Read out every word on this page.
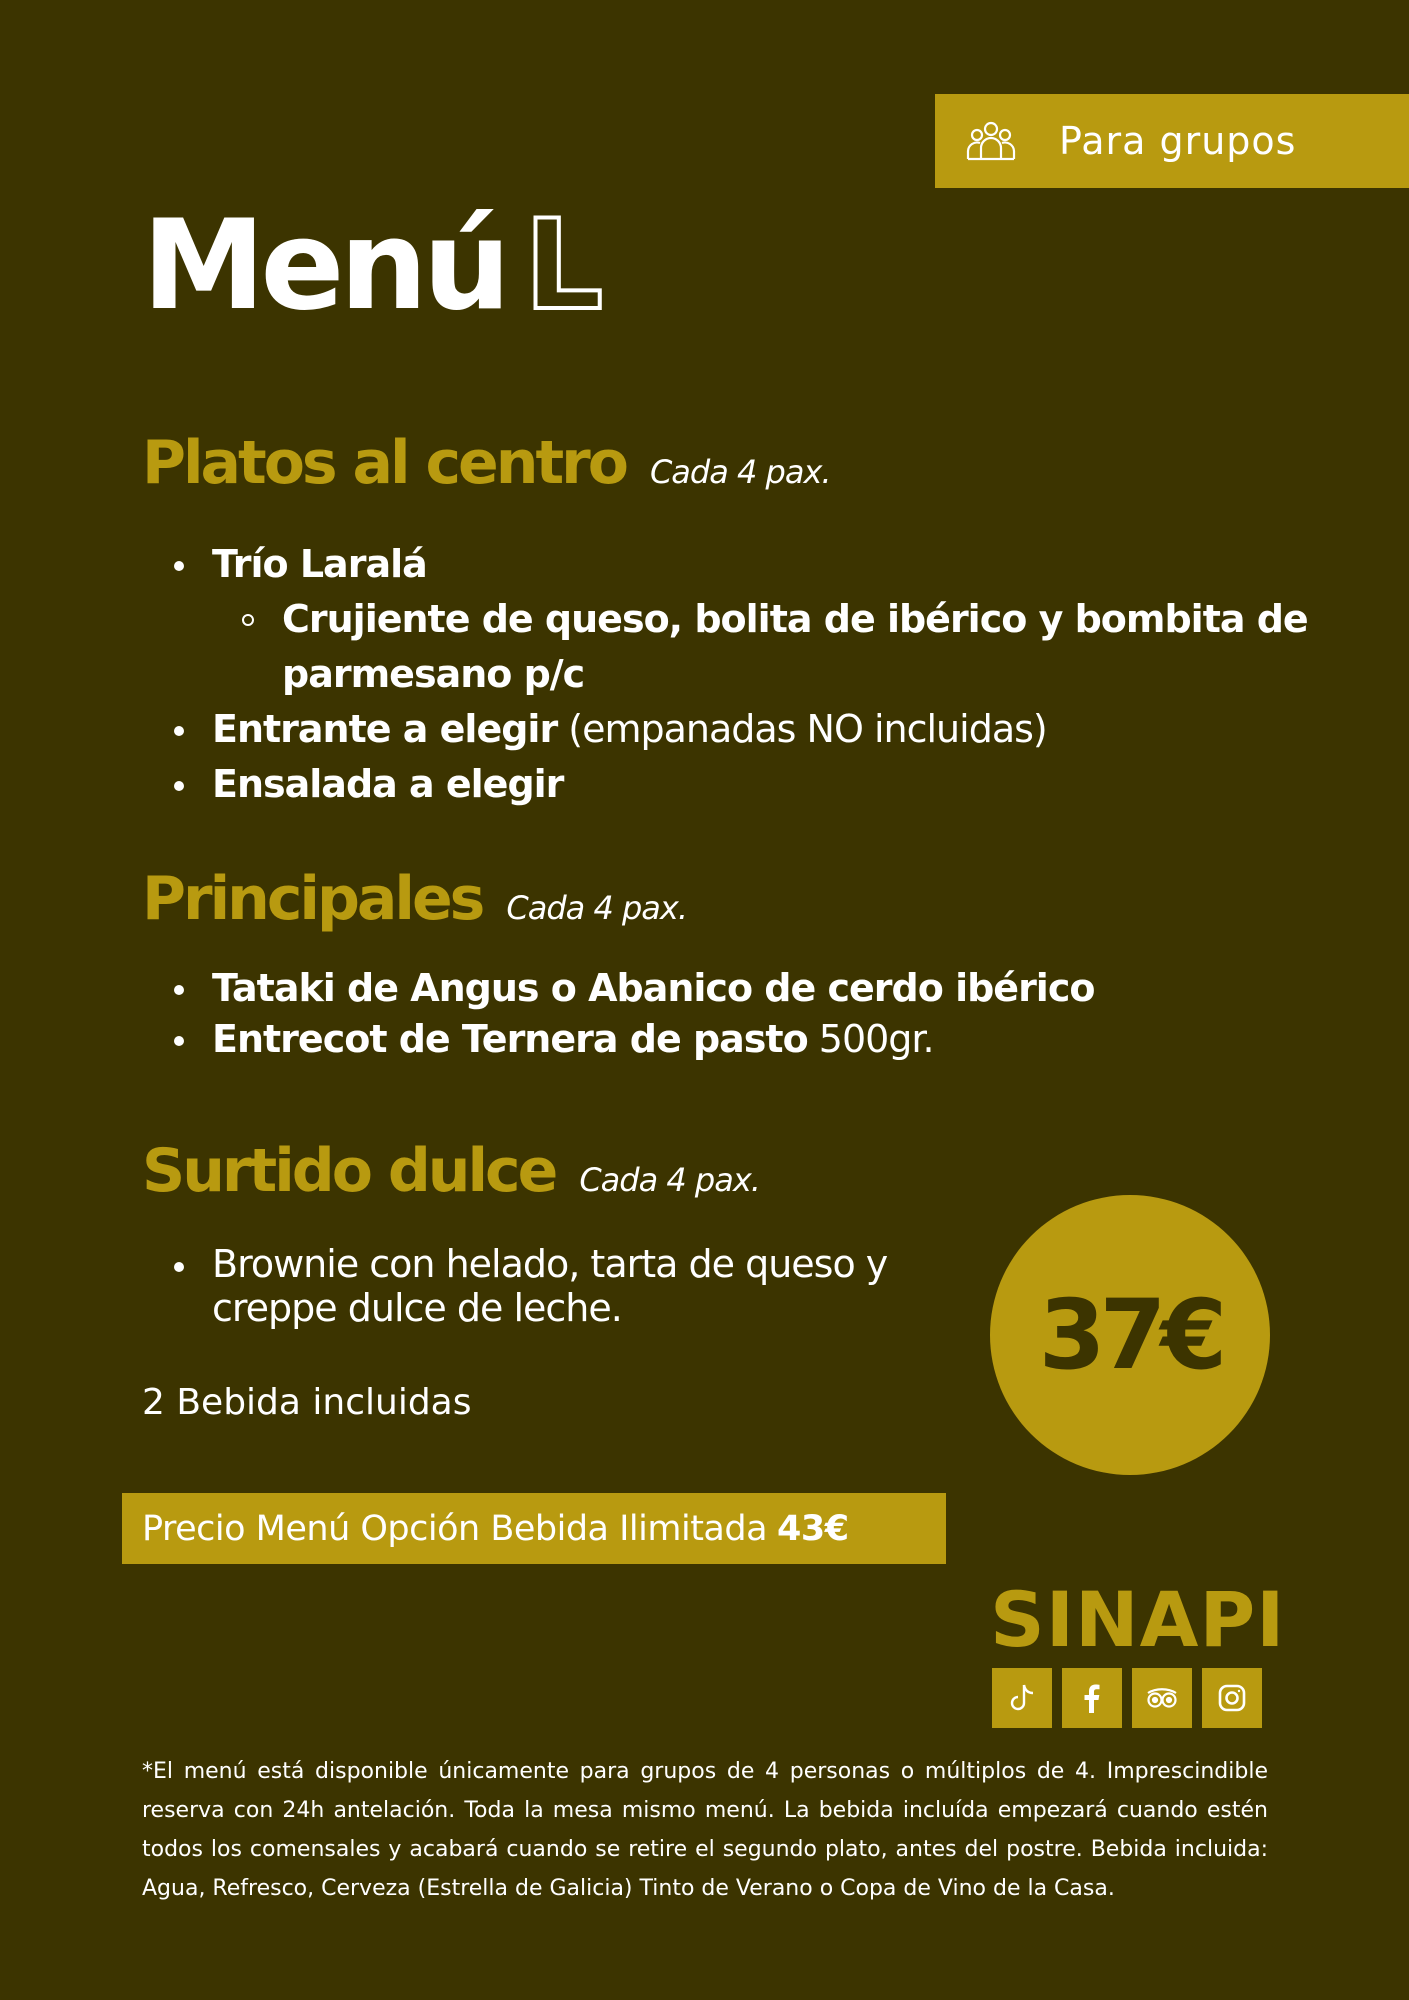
Para grupos
Menú L
Platos al centro Cada 4 pax.
Trío Laralá
Crujiente de queso, bolita de ibérico y bombita de parmesano p/c
Entrante a elegir (empanadas NO incluidas)
Ensalada a elegir
Principales Cada 4 pax.
Tataki de Angus o Abanico de cerdo ibérico
Entrecot de Ternera de pasto 500gr.
Surtido dulce Cada 4 pax.
Brownie con helado, tarta de queso y creppe dulce de leche.
2 Bebida incluidas
37€
Precio Menú Opción Bebida Ilimitada 43€
SINAPI
*El menú está disponible únicamente para grupos de 4 personas o múltiplos de 4. Imprescindible reserva con 24h antelación. Toda la mesa mismo menú. La bebida incluída empezará cuando estén todos los comensales y acabará cuando se retire el segundo plato, antes del postre. Bebida incluida: Agua, Refresco, Cerveza (Estrella de Galicia) Tinto de Verano o Copa de Vino de la Casa.
